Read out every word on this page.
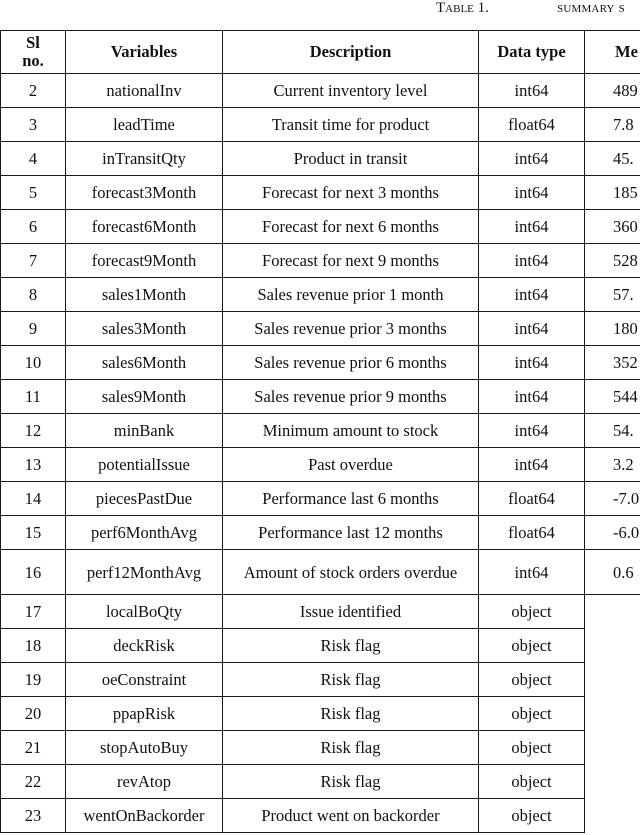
Table 1.	summary s
Sl no.	Variables	Description	Data type	Me
2	nationalInv	Current inventory level	int64	489
3	leadTime	Transit time for product	float64	7.8
4	inTransitQty	Product in transit	int64	45.
5	forecast3Month	Forecast for next 3 months	int64	185
6	forecast6Month	Forecast for next 6 months	int64	360
7	forecast9Month	Forecast for next 9 months	int64	528
8	sales1Month	Sales revenue prior 1 month	int64	57.
9	sales3Month	Sales revenue prior 3 months	int64	180
10	sales6Month	Sales revenue prior 6 months	int64	352
11	sales9Month	Sales revenue prior 9 months	int64	544
12	minBank	Minimum amount to stock	int64	54.
13	potentialIssue	Past overdue	int64	3.2
14	piecesPastDue	Performance last 6 months	float64	-7.0
15	perf6MonthAvg	Performance last 12 months	float64	-6.0
16	perf12MonthAvg	Amount of stock orders overdue	int64	0.6
17	localBoQty	Issue identified	object	
18	deckRisk	Risk flag	object	
19	oeConstraint	Risk flag	object	
20	ppapRisk	Risk flag	object	
21	stopAutoBuy	Risk flag	object	
22	revAtop	Risk flag	object	
23	wentOnBackorder	Product went on backorder	object	
